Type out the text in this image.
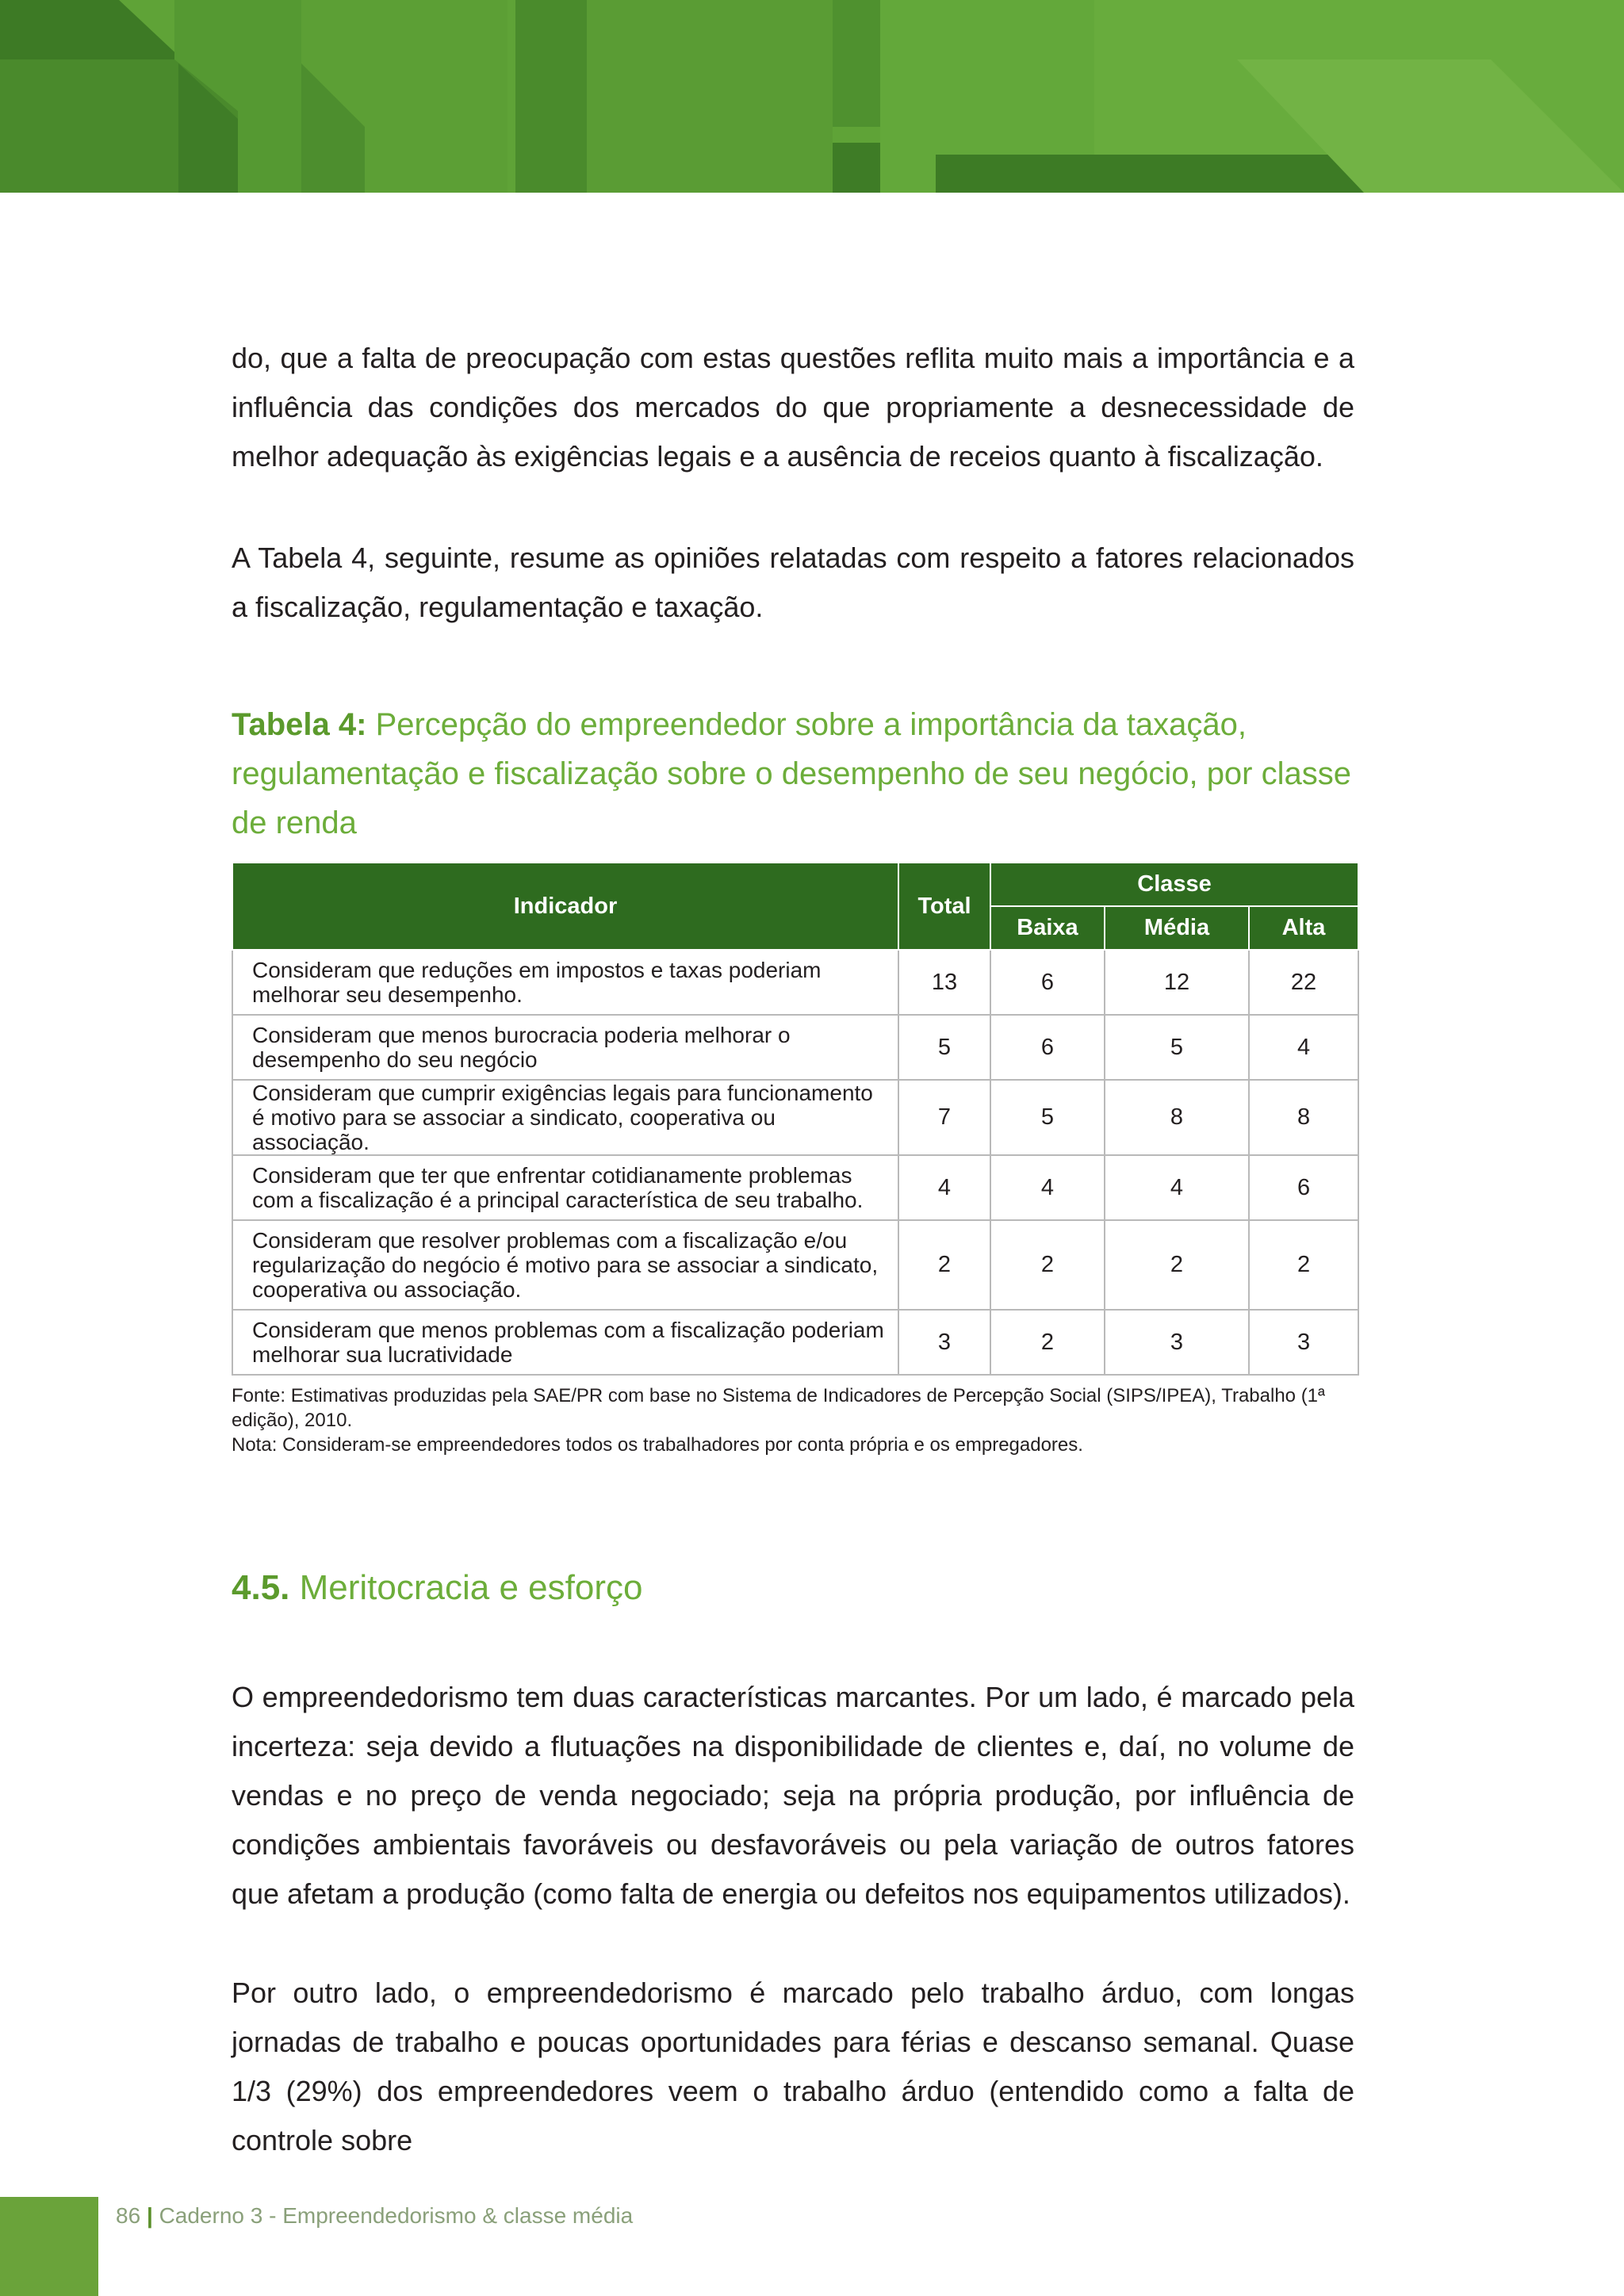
do, que a falta de preocupação com estas questões reflita muito mais a importância e a influência das condições dos mercados do que propriamente a desnecessidade de melhor adequação às exigências legais e a ausência de receios quanto à fiscalização.

A Tabela 4, seguinte, resume as opiniões relatadas com respeito a fatores relacionados a fiscalização, regulamentação e taxação.

Tabela 4: Percepção do empreendedor sobre a importância da taxação, regulamentação e fiscalização sobre o desempenho de seu negócio, por classe de renda

Indicador	Total	Classe		
		Baixa	Média	Alta
Consideram que reduções em impostos e taxas poderiam melhorar seu desempenho.	13	6	12	22
Consideram que menos burocracia poderia melhorar o desempenho do seu negócio	5	6	5	4
Consideram que cumprir exigências legais para funcionamento é motivo para se associar a sindicato, cooperativa ou associação.	7	5	8	8
Consideram que ter que enfrentar cotidianamente problemas com a fiscalização é a principal característica de seu trabalho.	4	4	4	6
Consideram que resolver problemas com a fiscalização e/ou regularização do negócio é motivo para se associar a sindicato, cooperativa ou associação.	2	2	2	2
Consideram que menos problemas com a fiscalização poderiam melhorar sua lucratividade	3	2	3	3
Fonte: Estimativas produzidas pela SAE/PR com base no Sistema de Indicadores de Percepção Social (SIPS/IPEA), Trabalho (1ª edição), 2010.
Nota: Consideram-se empreendedores todos os trabalhadores por conta própria e os empregadores.

4.5. Meritocracia e esforço

O empreendedorismo tem duas características marcantes. Por um lado, é marcado pela incerteza: seja devido a flutuações na disponibilidade de clientes e, daí, no volume de vendas e no preço de venda negociado; seja na própria produção, por influência de condições ambientais favoráveis ou desfavoráveis ou pela variação de outros fatores que afetam a produção (como falta de energia ou defeitos nos equipamentos utilizados).

Por outro lado, o empreendedorismo é marcado pelo trabalho árduo, com longas jornadas de trabalho e poucas oportunidades para férias e descanso semanal. Quase 1/3 (29%) dos empreendedores veem o trabalho árduo (entendido como a falta de controle sobre

86 | Caderno 3 - Empreendedorismo & classe média
